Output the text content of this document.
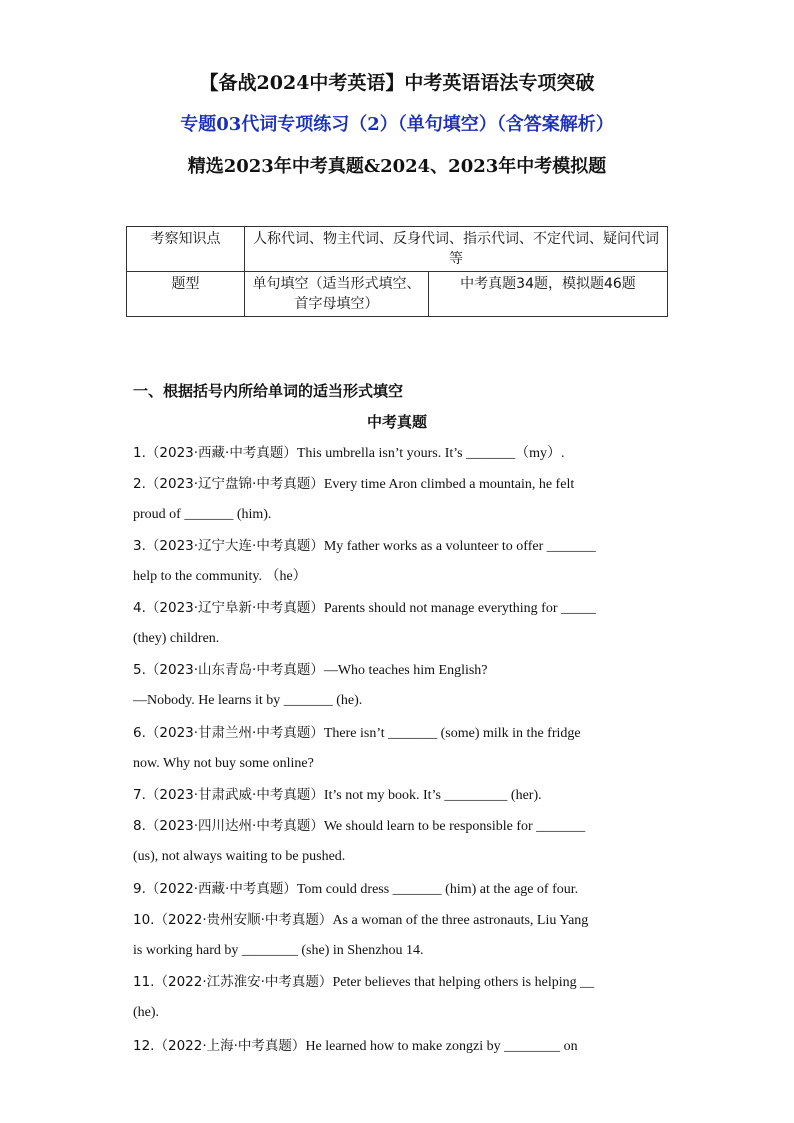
【备战2024中考英语】中考英语语法专项突破
专题03代词专项练习（2）（单句填空）（含答案解析）
精选2023年中考真题&2024、2023年中考模拟题
考察知识点	人称代词、物主代词、反身代词、指示代词、不定代词、疑问代词等	
题型	单句填空（适当形式填空、首字母填空）	中考真题34题，模拟题46题
一、根据括号内所给单词的适当形式填空
中考真题
1.（2023·西藏·中考真题）This umbrella isn’t yours. It’s _______（my）.
2.（2023·辽宁盘锦·中考真题）Every time Aron climbed a mountain, he felt
proud of _______ (him).
3.（2023·辽宁大连·中考真题）My father works as a volunteer to offer _______
help to the community. （he）
4.（2023·辽宁阜新·中考真题）Parents should not manage everything for _____
(they) children.
5.（2023·山东青岛·中考真题）—Who teaches him English?
—Nobody. He learns it by _______ (he).
6.（2023·甘肃兰州·中考真题）There isn’t _______ (some) milk in the fridge
now. Why not buy some online?
7.（2023·甘肃武威·中考真题）It’s not my book. It’s _________ (her).
8.（2023·四川达州·中考真题）We should learn to be responsible for _______
(us), not always waiting to be pushed.
9.（2022·西藏·中考真题）Tom could dress _______ (him) at the age of four.
10.（2022·贵州安顺·中考真题）As a woman of the three astronauts, Liu Yang
is working hard by ________ (she) in Shenzhou 14.
11.（2022·江苏淮安·中考真题）Peter believes that helping others is helping __
(he).
12.（2022·上海·中考真题）He learned how to make zongzi by ________ on
